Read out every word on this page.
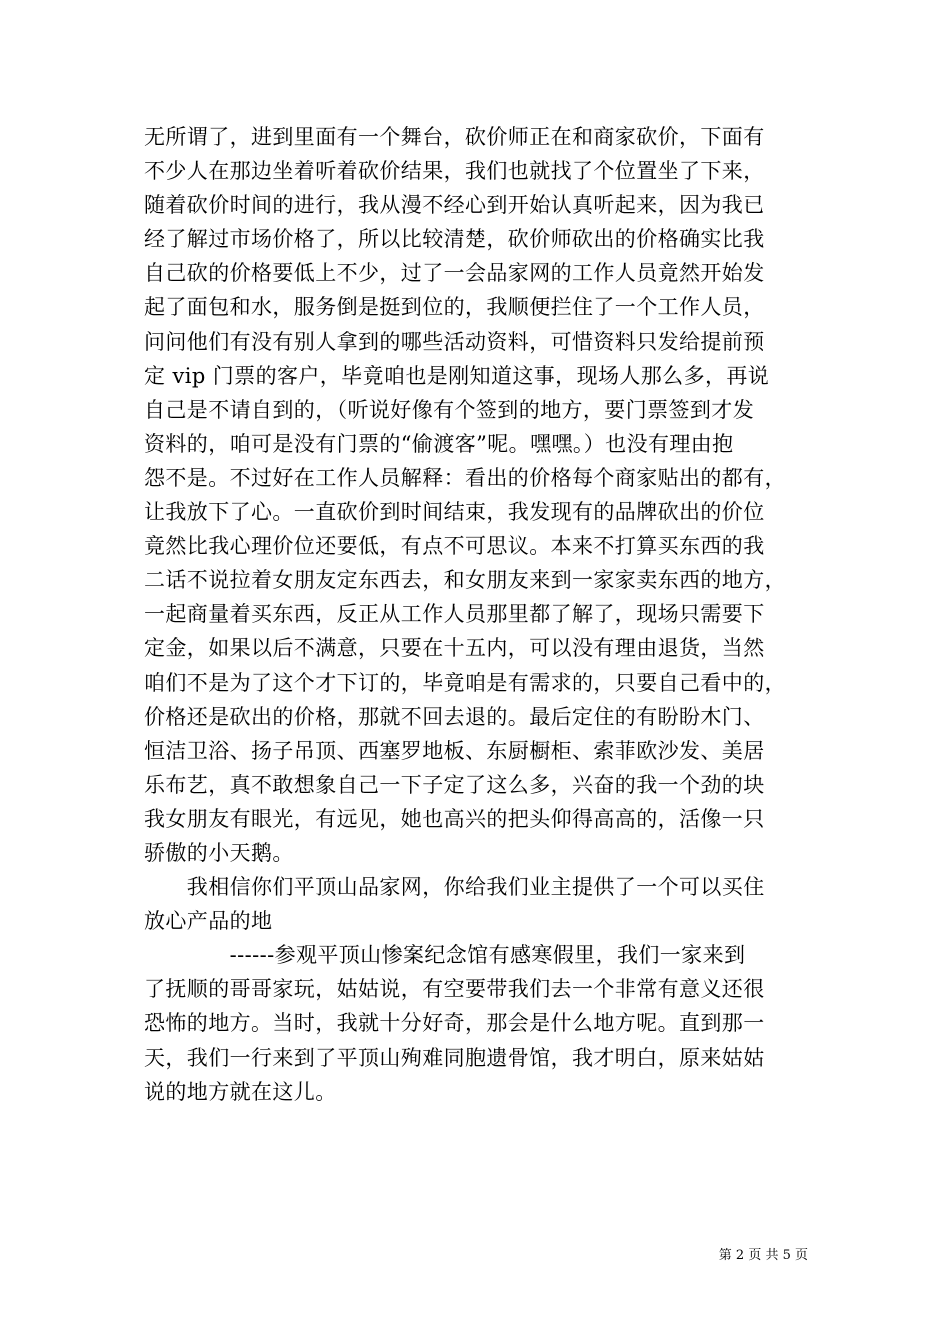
无所谓了，进到里面有一个舞台，砍价师正在和商家砍价，下面有
不少人在那边坐着听着砍价结果，我们也就找了个位置坐了下来，
随着砍价时间的进行，我从漫不经心到开始认真听起来，因为我已
经了解过市场价格了，所以比较清楚，砍价师砍出的价格确实比我
自己砍的价格要低上不少，过了一会品家网的工作人员竟然开始发
起了面包和水，服务倒是挺到位的，我顺便拦住了一个工作人员，
问问他们有没有别人拿到的哪些活动资料，可惜资料只发给提前预
定 vip 门票的客户，毕竟咱也是刚知道这事，现场人那么多，再说
自己是不请自到的，（听说好像有个签到的地方，要门票签到才发
资料的，咱可是没有门票的“偷渡客”呢。嘿嘿。）也没有理由抱
怨不是。不过好在工作人员解释：看出的价格每个商家贴出的都有，
让我放下了心。一直砍价到时间结束，我发现有的品牌砍出的价位
竟然比我心理价位还要低，有点不可思议。本来不打算买东西的我
二话不说拉着女朋友定东西去，和女朋友来到一家家卖东西的地方，
一起商量着买东西，反正从工作人员那里都了解了，现场只需要下
定金，如果以后不满意，只要在十五内，可以没有理由退货，当然
咱们不是为了这个才下订的，毕竟咱是有需求的，只要自己看中的，
价格还是砍出的价格，那就不回去退的。最后定住的有盼盼木门、
恒洁卫浴、扬子吊顶、西塞罗地板、东厨橱柜、索菲欧沙发、美居
乐布艺，真不敢想象自己一下子定了这么多，兴奋的我一个劲的块
我女朋友有眼光，有远见，她也高兴的把头仰得高高的，活像一只
骄傲的小天鹅。
　　我相信你们平顶山品家网，你给我们业主提供了一个可以买住
放心产品的地
　　　　------参观平顶山惨案纪念馆有感寒假里，我们一家来到
了抚顺的哥哥家玩，姑姑说，有空要带我们去一个非常有意义还很
恐怖的地方。当时，我就十分好奇，那会是什么地方呢。直到那一
天，我们一行来到了平顶山殉难同胞遗骨馆，我才明白，原来姑姑
说的地方就在这儿。
第 2 页 共 5 页
